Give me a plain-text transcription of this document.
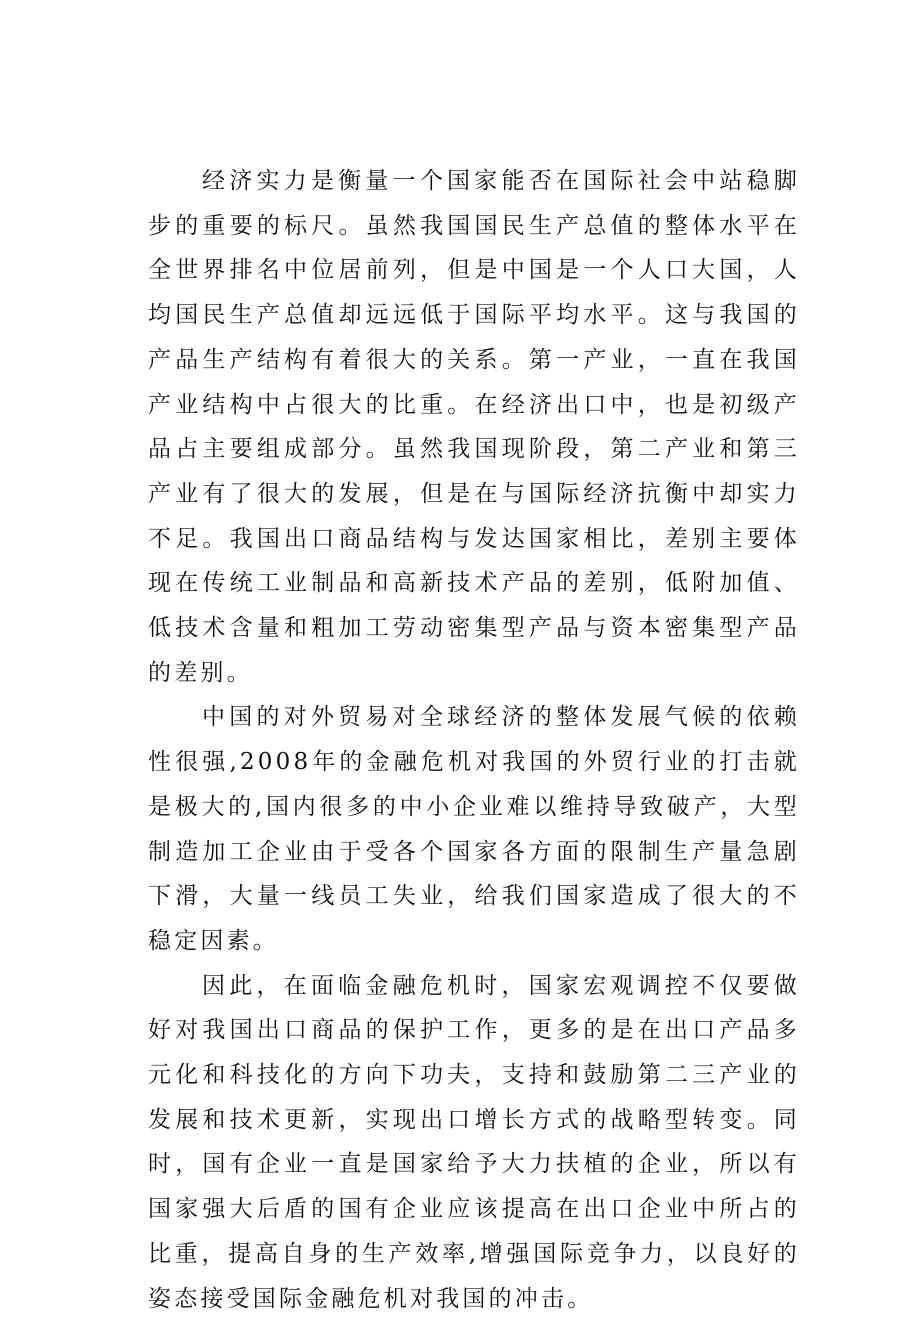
经济实力是衡量一个国家能否在国际社会中站稳脚步的重要的标尺。虽然我国国民生产总值的整体水平在全世界排名中位居前列，但是中国是一个人口大国，人均国民生产总值却远远低于国际平均水平。这与我国的产品生产结构有着很大的关系。第一产业，一直在我国产业结构中占很大的比重。在经济出口中，也是初级产品占主要组成部分。虽然我国现阶段，第二产业和第三产业有了很大的发展，但是在与国际经济抗衡中却实力不足。我国出口商品结构与发达国家相比，差别主要体现在传统工业制品和高新技术产品的差别，低附加值、低技术含量和粗加工劳动密集型产品与资本密集型产品的差别。

中国的对外贸易对全球经济的整体发展气候的依赖性很强,2008年的金融危机对我国的外贸行业的打击就是极大的,国内很多的中小企业难以维持导致破产，大型制造加工企业由于受各个国家各方面的限制生产量急剧下滑，大量一线员工失业，给我们国家造成了很大的不稳定因素。

因此，在面临金融危机时，国家宏观调控不仅要做好对我国出口商品的保护工作，更多的是在出口产品多元化和科技化的方向下功夫，支持和鼓励第二三产业的发展和技术更新，实现出口增长方式的战略型转变。同时，国有企业一直是国家给予大力扶植的企业，所以有国家强大后盾的国有企业应该提高在出口企业中所占的比重，提高自身的生产效率,增强国际竞争力，以良好的姿态接受国际金融危机对我国的冲击。
